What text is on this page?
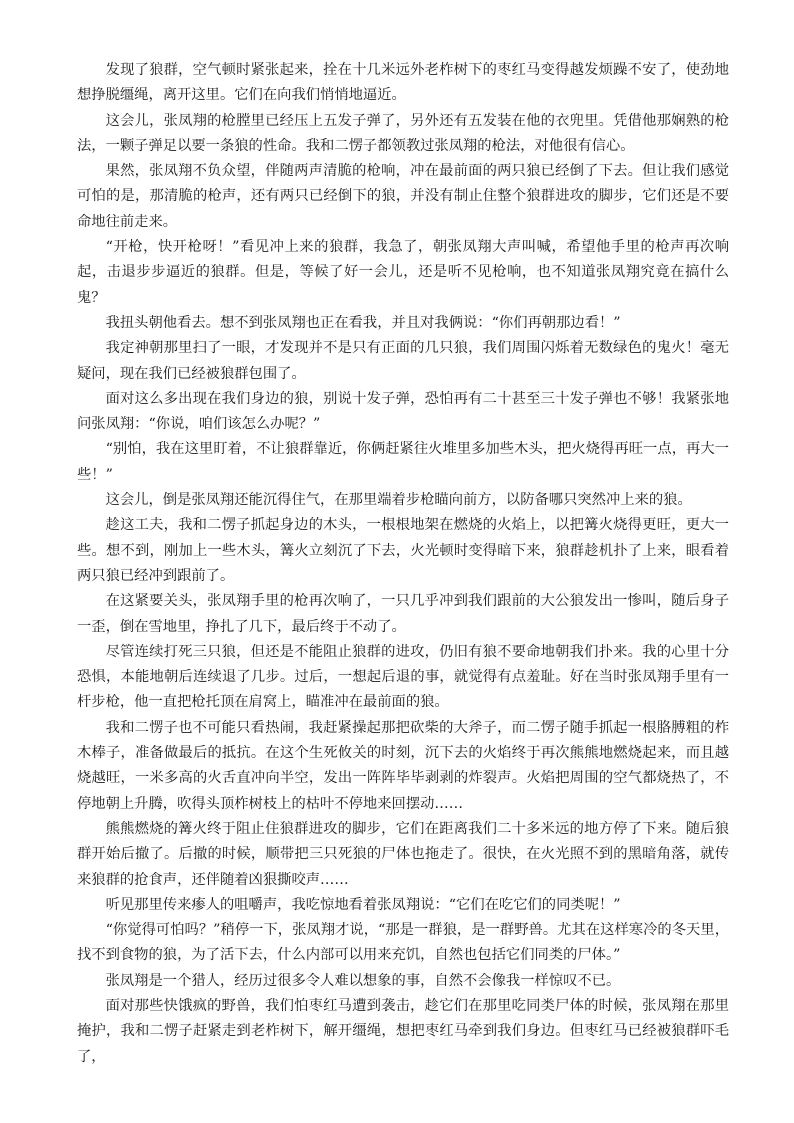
发现了狼群，空气顿时紧张起来，拴在十几米远外老柞树下的枣红马变得越发烦躁不安了，使劲地想挣脱缰绳，离开这里。它们在向我们悄悄地逼近。

这会儿，张凤翔的枪膛里已经压上五发子弹了，另外还有五发装在他的衣兜里。凭借他那娴熟的枪法，一颗子弹足以要一条狼的性命。我和二愣子都领教过张凤翔的枪法，对他很有信心。

果然，张凤翔不负众望，伴随两声清脆的枪响，冲在最前面的两只狼已经倒了下去。但让我们感觉可怕的是，那清脆的枪声，还有两只已经倒下的狼，并没有制止住整个狼群进攻的脚步，它们还是不要命地往前走来。

“开枪，快开枪呀！”看见冲上来的狼群，我急了，朝张凤翔大声叫喊，希望他手里的枪声再次响起，击退步步逼近的狼群。但是，等候了好一会儿，还是听不见枪响，也不知道张凤翔究竟在搞什么鬼？

我扭头朝他看去。想不到张凤翔也正在看我，并且对我俩说：“你们再朝那边看！”

我定神朝那里扫了一眼，才发现并不是只有正面的几只狼，我们周围闪烁着无数绿色的鬼火！毫无疑问，现在我们已经被狼群包围了。

面对这么多出现在我们身边的狼，别说十发子弹，恐怕再有二十甚至三十发子弹也不够！我紧张地问张凤翔：“你说，咱们该怎么办呢？”

“别怕，我在这里盯着，不让狼群靠近，你俩赶紧往火堆里多加些木头，把火烧得再旺一点，再大一些！”

这会儿，倒是张凤翔还能沉得住气，在那里端着步枪瞄向前方，以防备哪只突然冲上来的狼。

趁这工夫，我和二愣子抓起身边的木头，一根根地架在燃烧的火焰上，以把篝火烧得更旺，更大一些。想不到，刚加上一些木头，篝火立刻沉了下去，火光顿时变得暗下来，狼群趁机扑了上来，眼看着两只狼已经冲到跟前了。

在这紧要关头，张凤翔手里的枪再次响了，一只几乎冲到我们跟前的大公狼发出一惨叫，随后身子一歪，倒在雪地里，挣扎了几下，最后终于不动了。

尽管连续打死三只狼，但还是不能阻止狼群的进攻，仍旧有狼不要命地朝我们扑来。我的心里十分恐惧，本能地朝后连续退了几步。过后，一想起后退的事，就觉得有点羞耻。好在当时张凤翔手里有一杆步枪，他一直把枪托顶在肩窝上，瞄准冲在最前面的狼。

我和二愣子也不可能只看热闹，我赶紧操起那把砍柴的大斧子，而二愣子随手抓起一根胳膊粗的柞木棒子，准备做最后的抵抗。在这个生死攸关的时刻，沉下去的火焰终于再次熊熊地燃烧起来，而且越烧越旺，一米多高的火舌直冲向半空，发出一阵阵毕毕剥剥的炸裂声。火焰把周围的空气都烧热了，不停地朝上升腾，吹得头顶柞树枝上的枯叶不停地来回摆动……

熊熊燃烧的篝火终于阻止住狼群进攻的脚步，它们在距离我们二十多米远的地方停了下来。随后狼群开始后撤了。后撤的时候，顺带把三只死狼的尸体也拖走了。很快，在火光照不到的黑暗角落，就传来狼群的抢食声，还伴随着凶狠撕咬声……

听见那里传来瘆人的咀嚼声，我吃惊地看着张凤翔说：“它们在吃它们的同类呢！”

“你觉得可怕吗？”稍停一下，张凤翔才说，“那是一群狼，是一群野兽。尤其在这样寒冷的冬天里，找不到食物的狼，为了活下去，什么内部可以用来充饥，自然也包括它们同类的尸体。”

张凤翔是一个猎人，经历过很多令人难以想象的事，自然不会像我一样惊叹不已。

面对那些快饿疯的野兽，我们怕枣红马遭到袭击，趁它们在那里吃同类尸体的时候，张凤翔在那里掩护，我和二愣子赶紧走到老柞树下，解开缰绳，想把枣红马牵到我们身边。但枣红马已经被狼群吓毛了，
